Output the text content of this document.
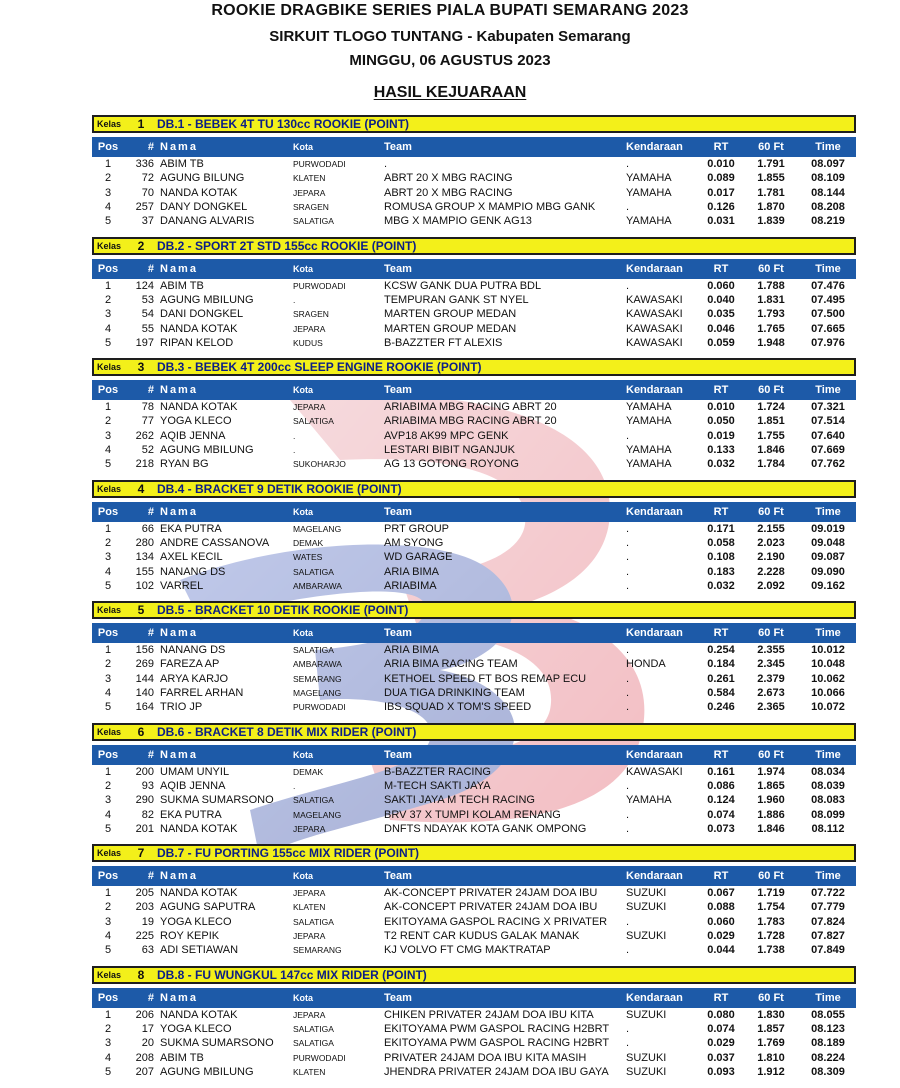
ROOKIE DRAGBIKE SERIES PIALA BUPATI SEMARANG 2023
SIRKUIT TLOGO TUNTANG - Kabupaten Semarang
MINGGU, 06 AGUSTUS 2023
HASIL KEJUARAAN
Kelas	1	DB.1 - BEBEK 4T TU 130cc ROOKIE (POINT)
Pos	# Nama	Kota	Team	Kendaraan	RT	60 Ft	Time
1	336 ABIM TB	PURWODADI	.	.	0.010	1.791	08.097
2	72 AGUNG BILUNG	KLATEN	ABRT 20 X MBG RACING	YAMAHA	0.089	1.855	08.109
3	70 NANDA KOTAK	JEPARA	ABRT 20 X MBG RACING	YAMAHA	0.017	1.781	08.144
4	257 DANY DONGKEL	SRAGEN	ROMUSA GROUP X MAMPIO MBG GANK	.	0.126	1.870	08.208
5	37 DANANG ALVARIS	SALATIGA	MBG X MAMPIO GENK AG13	YAMAHA	0.031	1.839	08.219
Kelas	2	DB.2 - SPORT 2T STD 155cc ROOKIE (POINT)
Pos	# Nama	Kota	Team	Kendaraan	RT	60 Ft	Time
1	124 ABIM TB	PURWODADI	KCSW GANK DUA PUTRA BDL	.	0.060	1.788	07.476
2	53 AGUNG MBILUNG	.	TEMPURAN GANK ST NYEL	KAWASAKI	0.040	1.831	07.495
3	54 DANI DONGKEL	SRAGEN	MARTEN GROUP MEDAN	KAWASAKI	0.035	1.793	07.500
4	55 NANDA KOTAK	JEPARA	MARTEN GROUP MEDAN	KAWASAKI	0.046	1.765	07.665
5	197 RIPAN KELOD	KUDUS	B-BAZZTER FT ALEXIS	KAWASAKI	0.059	1.948	07.976
Kelas	3	DB.3 - BEBEK 4T 200cc SLEEP ENGINE ROOKIE (POINT)
Pos	# Nama	Kota	Team	Kendaraan	RT	60 Ft	Time
1	78 NANDA KOTAK	JEPARA	ARIABIMA MBG RACING ABRT 20	YAMAHA	0.010	1.724	07.321
2	77 YOGA KLECO	SALATIGA	ARIABIMA MBG RACING ABRT 20	YAMAHA	0.050	1.851	07.514
3	262 AQIB JENNA	.	AVP18 AK99 MPC GENK	.	0.019	1.755	07.640
4	52 AGUNG MBILUNG	.	LESTARI BIBIT NGANJUK	YAMAHA	0.133	1.846	07.669
5	218 RYAN BG	SUKOHARJO	AG 13 GOTONG ROYONG	YAMAHA	0.032	1.784	07.762
Kelas	4	DB.4 - BRACKET 9 DETIK ROOKIE (POINT)
Pos	# Nama	Kota	Team	Kendaraan	RT	60 Ft	Time
1	66 EKA PUTRA	MAGELANG	PRT GROUP	.	0.171	2.155	09.019
2	280 ANDRE CASSANOVA	DEMAK	AM SYONG	.	0.058	2.023	09.048
3	134 AXEL KECIL	WATES	WD GARAGE	.	0.108	2.190	09.087
4	155 NANANG DS	SALATIGA	ARIA BIMA	.	0.183	2.228	09.090
5	102 VARREL	AMBARAWA	ARIABIMA	.	0.032	2.092	09.162
Kelas	5	DB.5 - BRACKET 10 DETIK ROOKIE (POINT)
Pos	# Nama	Kota	Team	Kendaraan	RT	60 Ft	Time
1	156 NANANG DS	SALATIGA	ARIA BIMA	.	0.254	2.355	10.012
2	269 FAREZA AP	AMBARAWA	ARIA BIMA RACING TEAM	HONDA	0.184	2.345	10.048
3	144 ARYA KARJO	SEMARANG	KETHOEL SPEED FT BOS REMAP ECU	.	0.261	2.379	10.062
4	140 FARREL ARHAN	MAGELANG	DUA TIGA DRINKING TEAM	.	0.584	2.673	10.066
5	164 TRIO JP	PURWODADI	IBS SQUAD X TOM'S SPEED	.	0.246	2.365	10.072
Kelas	6	DB.6 - BRACKET 8 DETIK MIX RIDER (POINT)
Pos	# Nama	Kota	Team	Kendaraan	RT	60 Ft	Time
1	200 UMAM UNYIL	DEMAK	B-BAZZTER RACING	KAWASAKI	0.161	1.974	08.034
2	93 AQIB JENNA	.	M-TECH SAKTI JAYA	.	0.086	1.865	08.039
3	290 SUKMA SUMARSONO	SALATIGA	SAKTI JAYA M TECH RACING	YAMAHA	0.124	1.960	08.083
4	82 EKA PUTRA	MAGELANG	BRV 37 X TUMPI KOLAM RENANG	.	0.074	1.886	08.099
5	201 NANDA KOTAK	JEPARA	DNFTS NDAYAK KOTA GANK OMPONG	.	0.073	1.846	08.112
Kelas	7	DB.7 - FU PORTING 155cc MIX RIDER (POINT)
Pos	# Nama	Kota	Team	Kendaraan	RT	60 Ft	Time
1	205 NANDA KOTAK	JEPARA	AK-CONCEPT PRIVATER 24JAM DOA IBU	SUZUKI	0.067	1.719	07.722
2	203 AGUNG SAPUTRA	KLATEN	AK-CONCEPT PRIVATER 24JAM DOA IBU	SUZUKI	0.088	1.754	07.779
3	19 YOGA KLECO	SALATIGA	EKITOYAMA GASPOL RACING X PRIVATER	.	0.060	1.783	07.824
4	225 ROY KEPIK	JEPARA	T2 RENT CAR KUDUS GALAK MANAK	SUZUKI	0.029	1.728	07.827
5	63 ADI SETIAWAN	SEMARANG	KJ VOLVO FT CMG MAKTRATAP	.	0.044	1.738	07.849
Kelas	8	DB.8 - FU WUNGKUL 147cc MIX RIDER (POINT)
Pos	# Nama	Kota	Team	Kendaraan	RT	60 Ft	Time
1	206 NANDA KOTAK	JEPARA	CHIKEN PRIVATER 24JAM DOA IBU KITA	SUZUKI	0.080	1.830	08.055
2	17 YOGA KLECO	SALATIGA	EKITOYAMA PWM GASPOL RACING H2BRT	.	0.074	1.857	08.123
3	20 SUKMA SUMARSONO	SALATIGA	EKITOYAMA PWM GASPOL RACING H2BRT	.	0.029	1.769	08.189
4	208 ABIM TB	PURWODADI	PRIVATER 24JAM DOA IBU KITA MASIH	SUZUKI	0.037	1.810	08.224
5	207 AGUNG MBILUNG	KLATEN	JHENDRA PRIVATER 24JAM DOA IBU GAYA	SUZUKI	0.093	1.912	08.309
